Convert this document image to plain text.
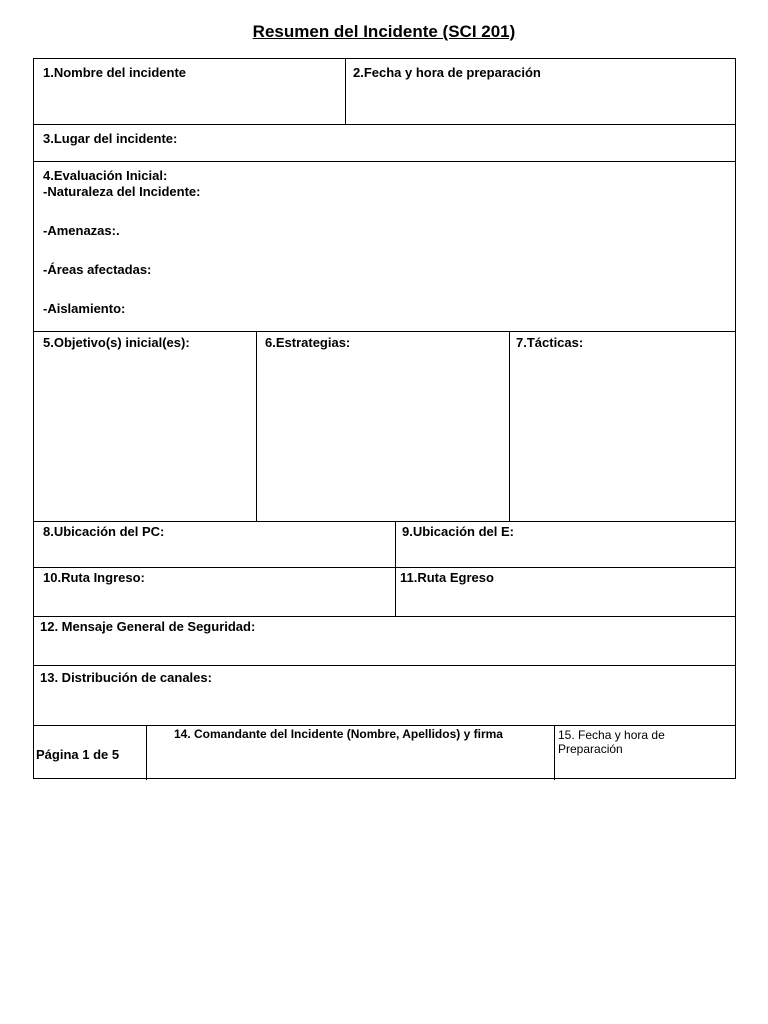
Resumen del Incidente (SCI 201)
1.Nombre del incidente	2.Fecha y hora de preparación
3.Lugar del incidente:
4.Evaluación Inicial:
-Naturaleza del Incidente:
-Amenazas:.
-Áreas afectadas:
-Aislamiento:
5.Objetivo(s) inicial(es):	6.Estrategias:	7.Tácticas:
8.Ubicación del PC:	9.Ubicación del E:
10.Ruta Ingreso:	11.Ruta Egreso
12. Mensaje General de Seguridad:
13. Distribución de canales:
Página 1 de 5
14. Comandante del Incidente (Nombre, Apellidos) y firma	15. Fecha y hora de Preparación
